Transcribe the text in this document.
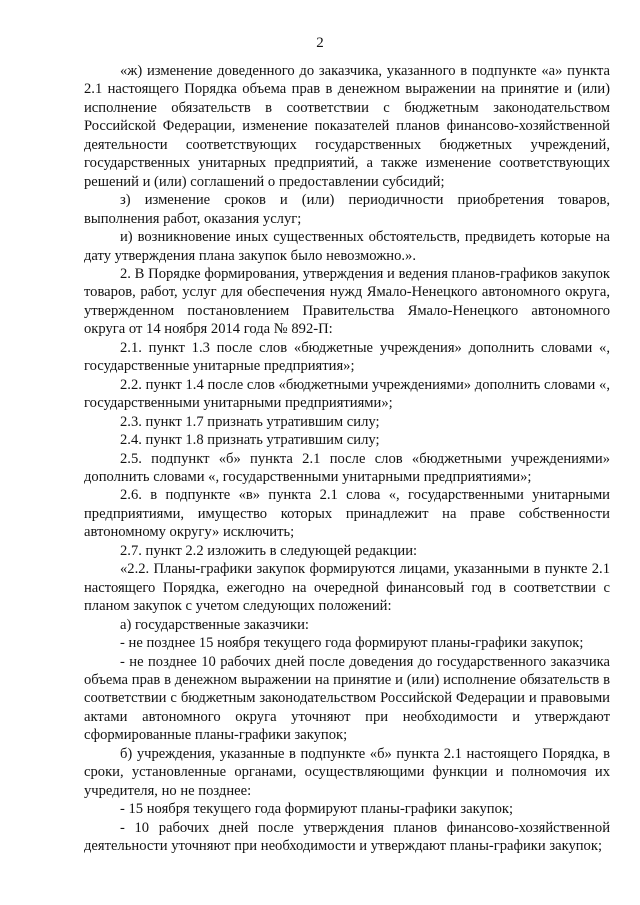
2

«ж) изменение доведенного до заказчика, указанного в подпункте «а» пункта 2.1 настоящего Порядка объема прав в денежном выражении на принятие и (или) исполнение обязательств в соответствии с бюджетным законодательством Российской Федерации, изменение показателей планов финансово-хозяйственной деятельности соответствующих государственных бюджетных учреждений, государственных унитарных предприятий, а также изменение соответствующих решений и (или) соглашений о предоставлении субсидий;

з) изменение сроков и (или) периодичности приобретения товаров, выполнения работ, оказания услуг;

и) возникновение иных существенных обстоятельств, предвидеть которые на дату утверждения плана закупок было невозможно.».

2. В Порядке формирования, утверждения и ведения планов-графиков закупок товаров, работ, услуг для обеспечения нужд Ямало-Ненецкого автономного округа, утвержденном постановлением Правительства Ямало-Ненецкого автономного округа от 14 ноября 2014 года № 892-П:

2.1. пункт 1.3 после слов «бюджетные учреждения» дополнить словами «, государственные унитарные предприятия»;

2.2. пункт 1.4 после слов «бюджетными учреждениями» дополнить словами «, государственными унитарными предприятиями»;

2.3. пункт 1.7 признать утратившим силу;

2.4. пункт 1.8 признать утратившим силу;

2.5. подпункт «б» пункта 2.1 после слов «бюджетными учреждениями» дополнить словами «, государственными унитарными предприятиями»;

2.6. в подпункте «в» пункта 2.1 слова «, государственными унитарными предприятиями, имущество которых принадлежит на праве собственности автономному округу» исключить;

2.7. пункт 2.2 изложить в следующей редакции:

«2.2. Планы-графики закупок формируются лицами, указанными в пункте 2.1 настоящего Порядка, ежегодно на очередной финансовый год в соответствии с планом закупок с учетом следующих положений:

а) государственные заказчики:

- не позднее 15 ноября текущего года формируют планы-графики закупок;

- не позднее 10 рабочих дней после доведения до государственного заказчика объема прав в денежном выражении на принятие и (или) исполнение обязательств в соответствии с бюджетным законодательством Российской Федерации и правовыми актами автономного округа уточняют при необходимости и утверждают сформированные планы-графики закупок;

б) учреждения, указанные в подпункте «б» пункта 2.1 настоящего Порядка, в сроки, установленные органами, осуществляющими функции и полномочия их учредителя, но не позднее:

- 15 ноября текущего года формируют планы-графики закупок;

- 10 рабочих дней после утверждения планов финансово-хозяйственной деятельности уточняют при необходимости и утверждают планы-графики закупок;
